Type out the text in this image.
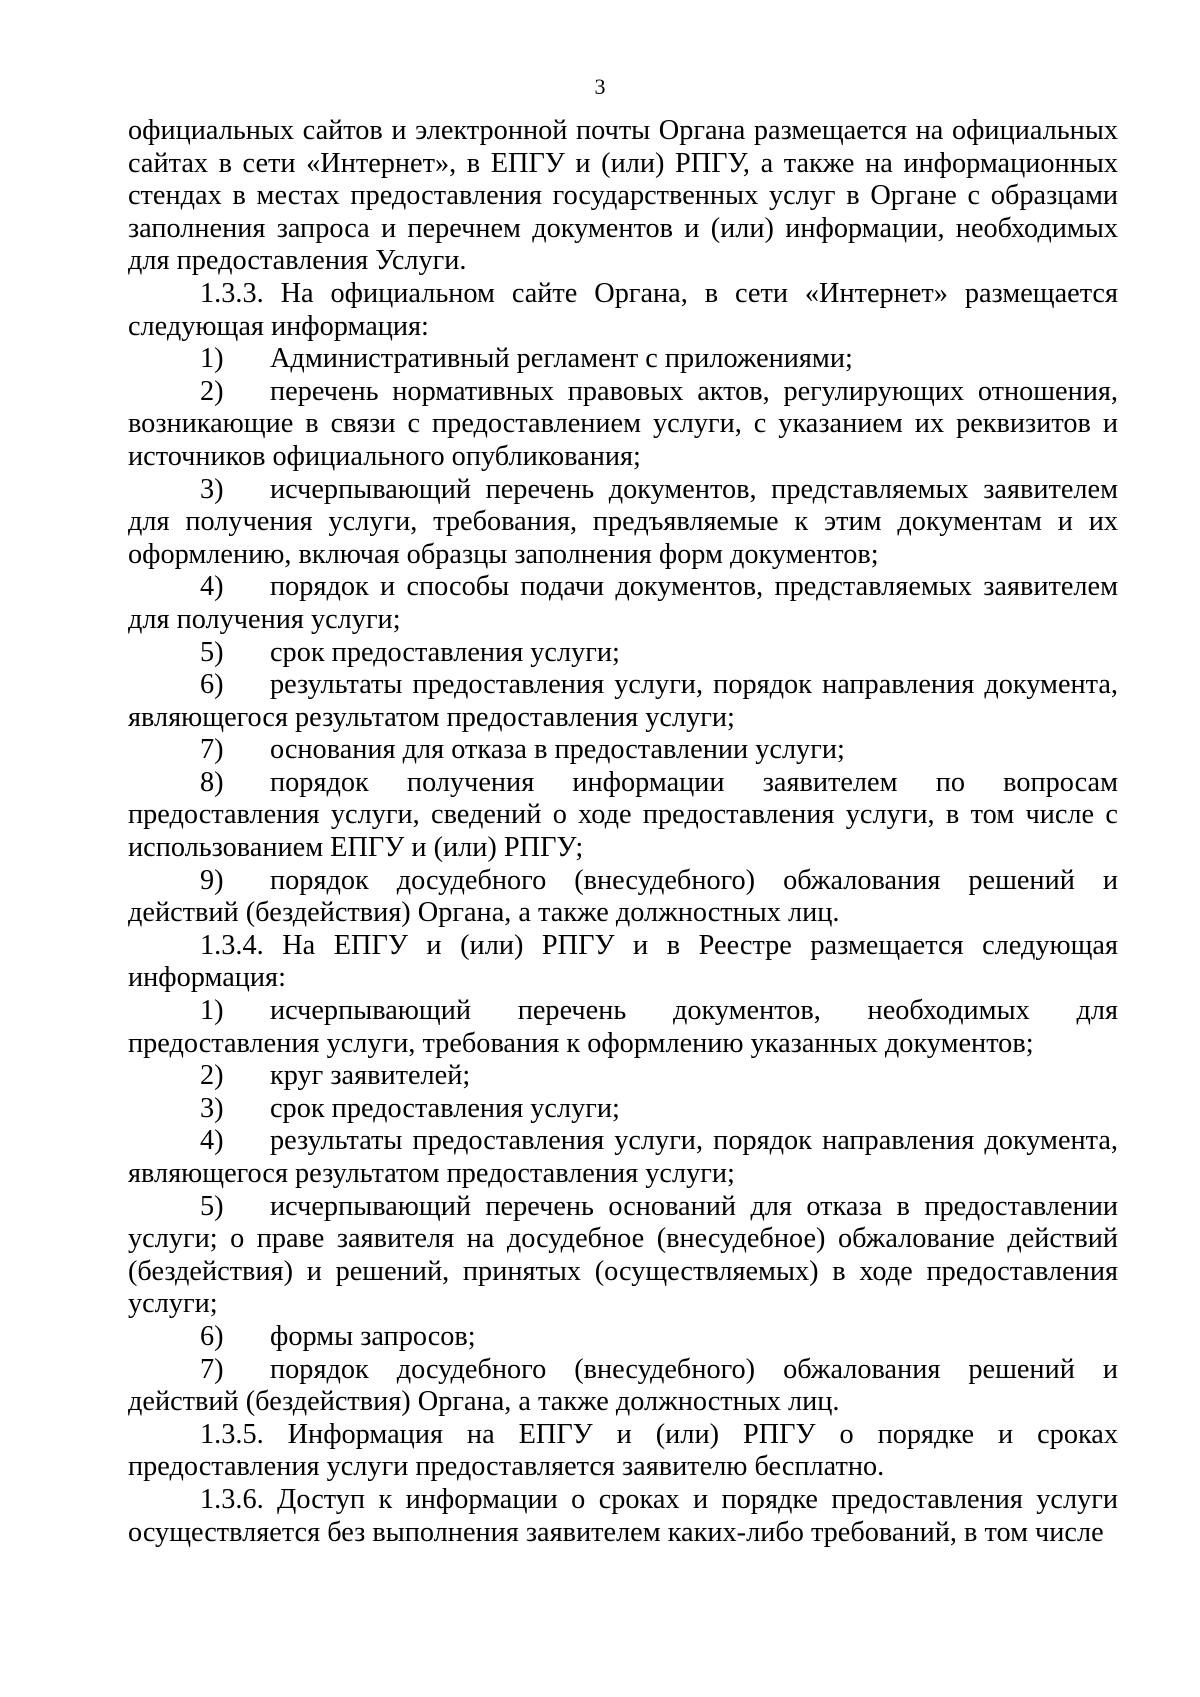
3

официальных сайтов и электронной почты Органа размещается на официальных сайтах в сети «Интернет», в ЕПГУ и (или) РПГУ, а также на информационных стендах в местах предоставления государственных услуг в Органе с образцами заполнения запроса и перечнем документов и (или) информации, необходимых для предоставления Услуги.

1.3.3. На официальном сайте Органа, в сети «Интернет» размещается следующая информация:

1) Административный регламент с приложениями;

2) перечень нормативных правовых актов, регулирующих отношения, возникающие в связи с предоставлением услуги, с указанием их реквизитов и источников официального опубликования;

3) исчерпывающий перечень документов, представляемых заявителем для получения услуги, требования, предъявляемые к этим документам и их оформлению, включая образцы заполнения форм документов;

4) порядок и способы подачи документов, представляемых заявителем для получения услуги;

5) срок предоставления услуги;

6) результаты предоставления услуги, порядок направления документа, являющегося результатом предоставления услуги;

7) основания для отказа в предоставлении услуги;

8) порядок получения информации заявителем по вопросам предоставления услуги, сведений о ходе предоставления услуги, в том числе с использованием ЕПГУ и (или) РПГУ;

9) порядок досудебного (внесудебного) обжалования решений и действий (бездействия) Органа, а также должностных лиц.

1.3.4. На ЕПГУ и (или) РПГУ и в Реестре размещается следующая информация:

1) исчерпывающий перечень документов, необходимых для предоставления услуги, требования к оформлению указанных документов;

2) круг заявителей;

3) срок предоставления услуги;

4) результаты предоставления услуги, порядок направления документа, являющегося результатом предоставления услуги;

5) исчерпывающий перечень оснований для отказа в предоставлении услуги; о праве заявителя на досудебное (внесудебное) обжалование действий (бездействия) и решений, принятых (осуществляемых) в ходе предоставления услуги;

6) формы запросов;

7) порядок досудебного (внесудебного) обжалования решений и действий (бездействия) Органа, а также должностных лиц.

1.3.5. Информация на ЕПГУ и (или) РПГУ о порядке и сроках предоставления услуги предоставляется заявителю бесплатно.

1.3.6. Доступ к информации о сроках и порядке предоставления услуги осуществляется без выполнения заявителем каких-либо требований, в том числе
